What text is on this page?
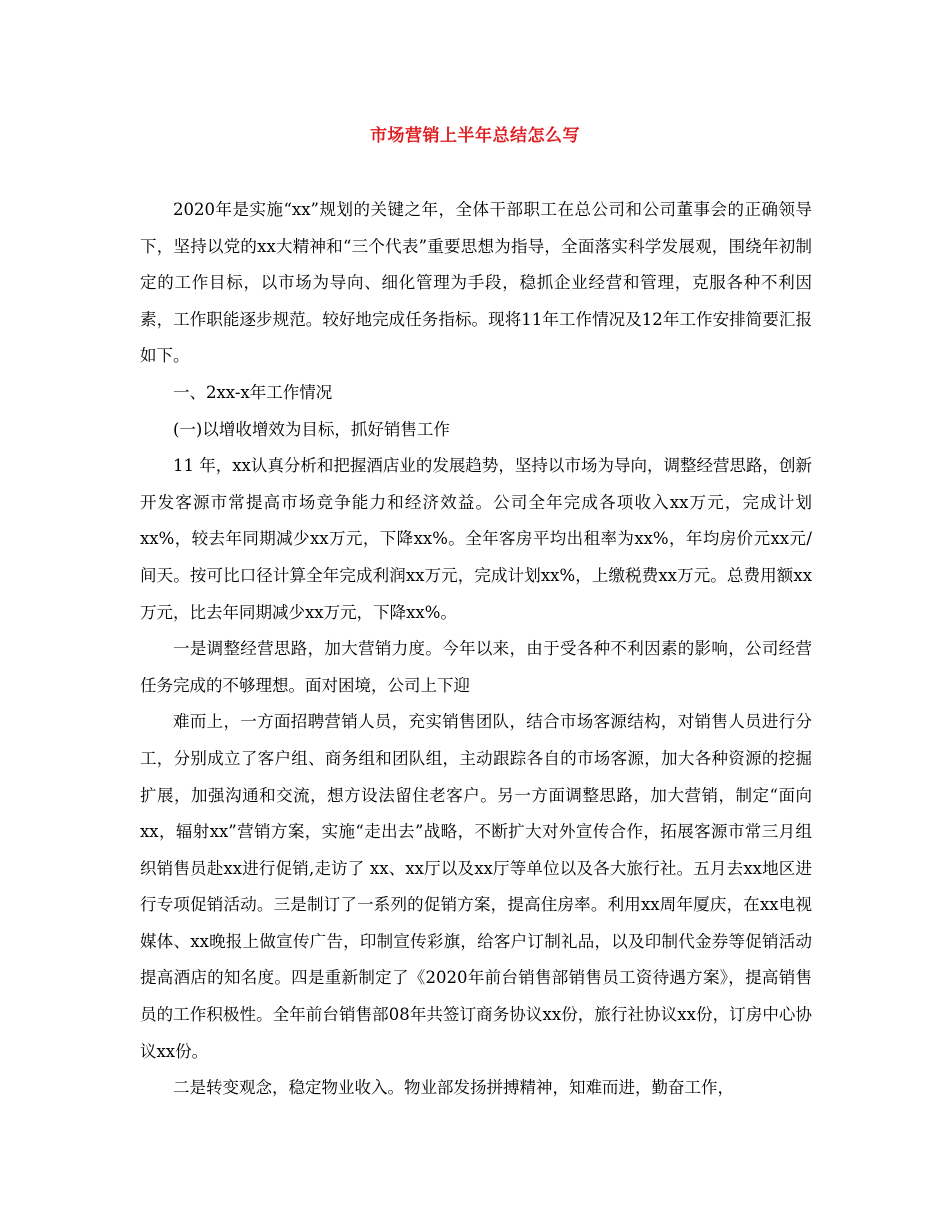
市场营销上半年总结怎么写

2020年是实施“xx”规划的关键之年，全体干部职工在总公司和公司董事会的正确领导下，坚持以党的xx大精神和“三个代表”重要思想为指导，全面落实科学发展观，围绕年初制定的工作目标，以市场为导向、细化管理为手段，稳抓企业经营和管理，克服各种不利因素，工作职能逐步规范。较好地完成任务指标。现将11年工作情况及12年工作安排简要汇报如下。

一、2xx-x年工作情况

(一)以增收增效为目标，抓好销售工作

11 年，xx认真分析和把握酒店业的发展趋势，坚持以市场为导向，调整经营思路，创新开发客源市常提高市场竞争能力和经济效益。公司全年完成各项收入xx万元，完成计划xx%，较去年同期减少xx万元，下降xx%。全年客房平均出租率为xx%，年均房价元xx元/间天。按可比口径计算全年完成利润xx万元，完成计划xx%，上缴税费xx万元。总费用额xx万元，比去年同期减少xx万元，下降xx%。

一是调整经营思路，加大营销力度。今年以来，由于受各种不利因素的影响，公司经营任务完成的不够理想。面对困境，公司上下迎

难而上，一方面招聘营销人员，充实销售团队，结合市场客源结构，对销售人员进行分工，分别成立了客户组、商务组和团队组，主动跟踪各自的市场客源，加大各种资源的挖掘扩展，加强沟通和交流，想方设法留住老客户。另一方面调整思路，加大营销，制定“面向xx，辐射xx”营销方案，实施“走出去”战略，不断扩大对外宣传合作，拓展客源市常三月组织销售员赴xx进行促销,走访了 xx、xx厅以及xx厅等单位以及各大旅行社。五月去xx地区进行专项促销活动。三是制订了一系列的促销方案，提高住房率。利用xx周年厦庆，在xx电视媒体、xx晚报上做宣传广告，印制宣传彩旗，给客户订制礼品，以及印制代金券等促销活动提高酒店的知名度。四是重新制定了《2020年前台销售部销售员工资待遇方案》，提高销售员的工作积极性。全年前台销售部08年共签订商务协议xx份，旅行社协议xx份，订房中心协议xx份。

二是转变观念，稳定物业收入。物业部发扬拼搏精神，知难而进，勤奋工作，
